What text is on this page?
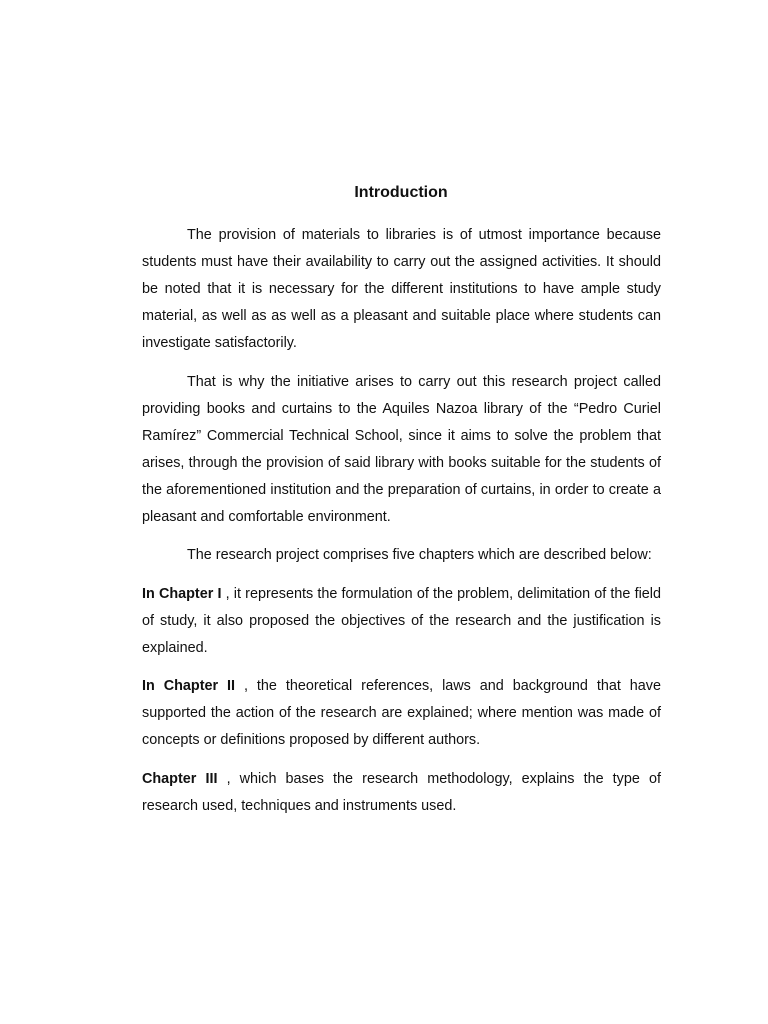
Introduction

The provision of materials to libraries is of utmost importance because students must have their availability to carry out the assigned activities. It should be noted that it is necessary for the different institutions to have ample study material, as well as as well as a pleasant and suitable place where students can investigate satisfactorily.

That is why the initiative arises to carry out this research project called providing books and curtains to the Aquiles Nazoa library of the “Pedro Curiel Ramírez” Commercial Technical School, since it aims to solve the problem that arises, through the provision of said library with books suitable for the students of the aforementioned institution and the preparation of curtains, in order to create a pleasant and comfortable environment.

The research project comprises five chapters which are described below:

In Chapter I , it represents the formulation of the problem, delimitation of the field of study, it also proposed the objectives of the research and the justification is explained.

In Chapter II , the theoretical references, laws and background that have supported the action of the research are explained; where mention was made of concepts or definitions proposed by different authors.

Chapter III , which bases the research methodology, explains the type of research used, techniques and instruments used.
